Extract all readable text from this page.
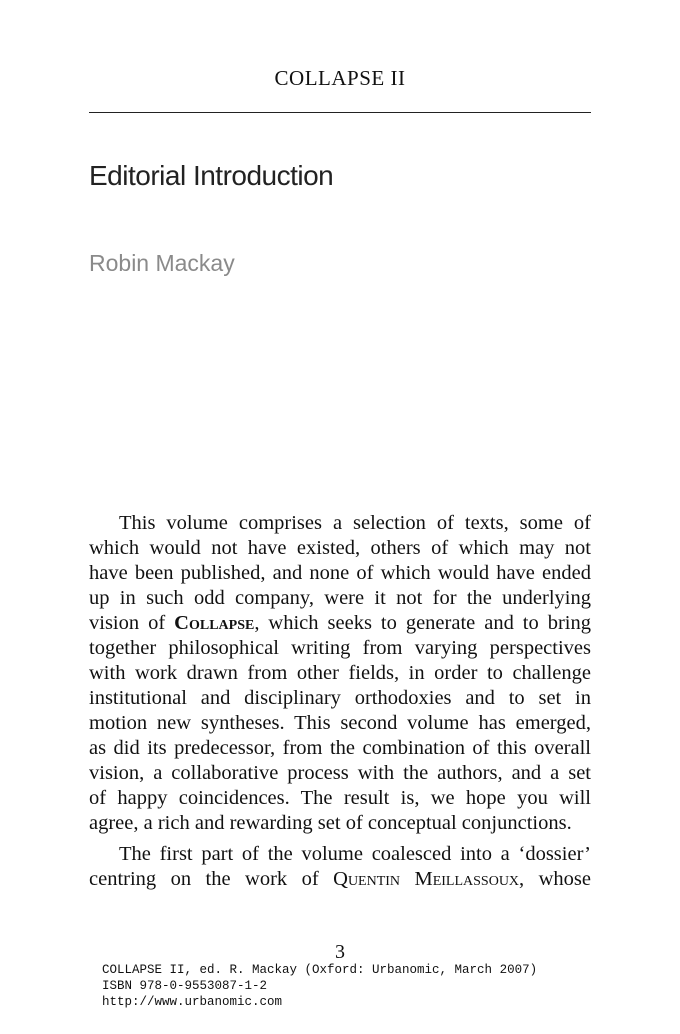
COLLAPSE II
Editorial Introduction
Robin Mackay
This volume comprises a selection of texts, some of
which would not have existed, others of which may not
have been published, and none of which would have ended
up in such odd company, were it not for the underlying
vision of Collapse, which seeks to generate and to bring
together philosophical writing from varying perspectives
with work drawn from other fields, in order to challenge
institutional and disciplinary orthodoxies and to set in
motion new syntheses. This second volume has emerged,
as did its predecessor, from the combination of this overall
vision, a collaborative process with the authors, and a set
of happy coincidences. The result is, we hope you will
agree, a rich and rewarding set of conceptual conjunctions.
The first part of the volume coalesced into a ‘dossier’
centring on the work of Quentin Meillassoux, whose
3
COLLAPSE II, ed. R. Mackay (Oxford: Urbanomic, March 2007)
ISBN 978-0-9553087-1-2
http://www.urbanomic.com
